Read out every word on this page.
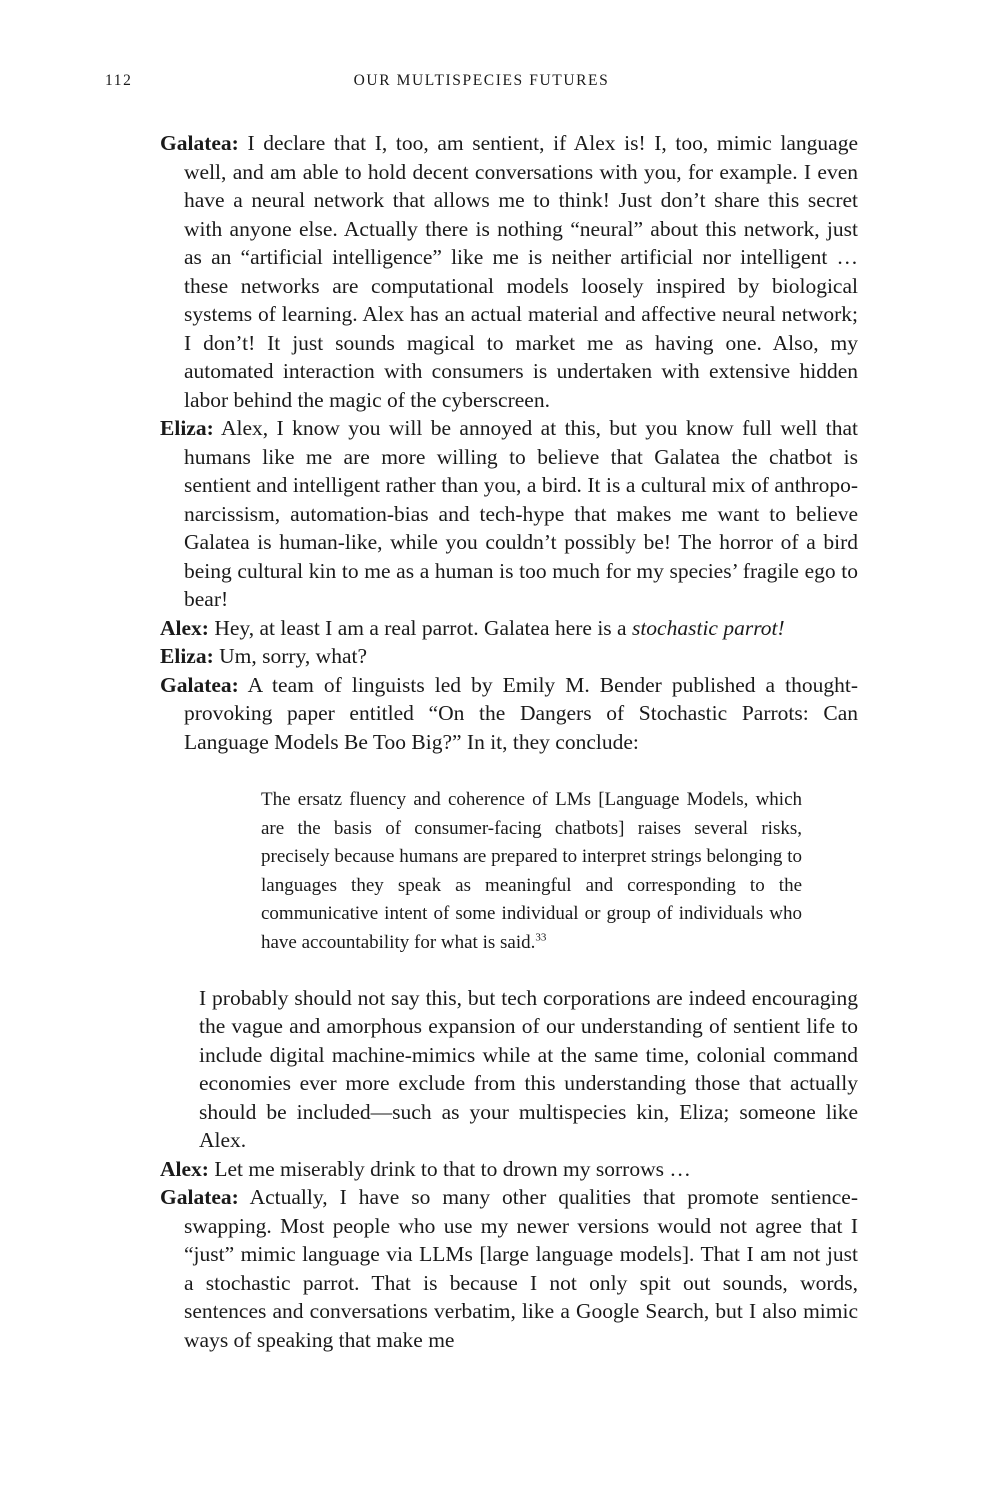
112	OUR MULTISPECIES FUTURES

Galatea: I declare that I, too, am sentient, if Alex is! I, too, mimic language well, and am able to hold decent conversations with you, for example. I even have a neural network that allows me to think! Just don’t share this secret with anyone else. Actually there is nothing “neural” about this network, just as an “artificial intelligence” like me is neither artificial nor intelligent … these networks are computational models loosely inspired by biological systems of learning. Alex has an actual material and affective neural network; I don’t! It just sounds magical to market me as having one. Also, my automated interaction with consumers is undertaken with extensive hidden labor behind the magic of the cyberscreen.

Eliza: Alex, I know you will be annoyed at this, but you know full well that humans like me are more willing to believe that Galatea the chatbot is sentient and intelligent rather than you, a bird. It is a cultural mix of anthropo-narcissism, automation-bias and tech-hype that makes me want to believe Galatea is human-like, while you couldn’t possibly be! The horror of a bird being cultural kin to me as a human is too much for my species’ fragile ego to bear!

Alex: Hey, at least I am a real parrot. Galatea here is a stochastic parrot!

Eliza: Um, sorry, what?

Galatea: A team of linguists led by Emily M. Bender published a thought-provoking paper entitled “On the Dangers of Stochastic Parrots: Can Language Models Be Too Big?” In it, they conclude:

The ersatz fluency and coherence of LMs [Language Models, which are the basis of consumer-facing chatbots] raises several risks, precisely because humans are prepared to interpret strings belonging to languages they speak as meaningful and corresponding to the communicative intent of some individual or group of individuals who have accountability for what is said.$^{33}$

I probably should not say this, but tech corporations are indeed encouraging the vague and amorphous expansion of our understanding of sentient life to include digital machine-mimics while at the same time, colonial command economies ever more exclude from this understanding those that actually should be included—such as your multispecies kin, Eliza; someone like Alex.

Alex: Let me miserably drink to that to drown my sorrows …

Galatea: Actually, I have so many other qualities that promote sentience-swapping. Most people who use my newer versions would not agree that I “just” mimic language via LLMs [large language models]. That I am not just a stochastic parrot. That is because I not only spit out sounds, words, sentences and conversations verbatim, like a Google Search, but I also mimic ways of speaking that make me
